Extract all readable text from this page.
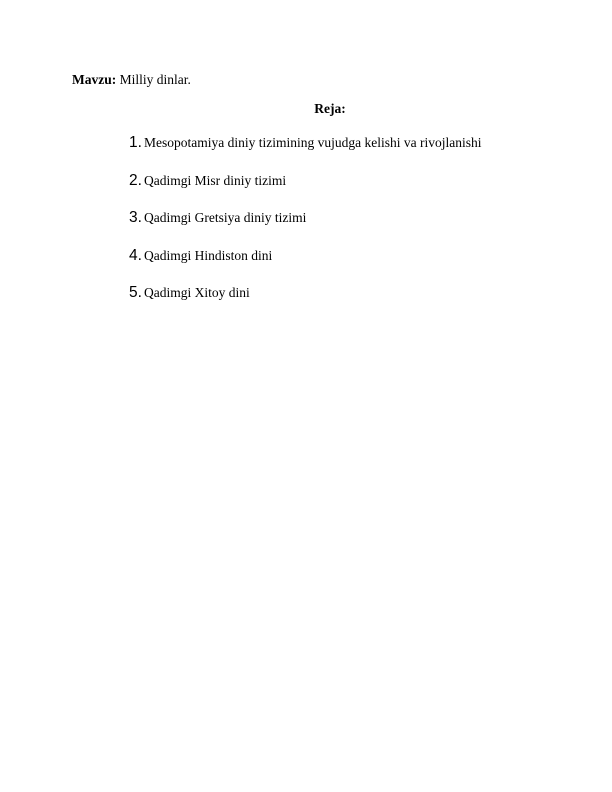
Mavzu: Milliy dinlar.
Reja:
1. Mesopotamiya diniy tizimining vujudga kelishi va rivojlanishi
2. Qadimgi Misr diniy tizimi
3. Qadimgi Gretsiya diniy tizimi
4. Qadimgi Hindiston dini
5. Qadimgi Xitoy dini
